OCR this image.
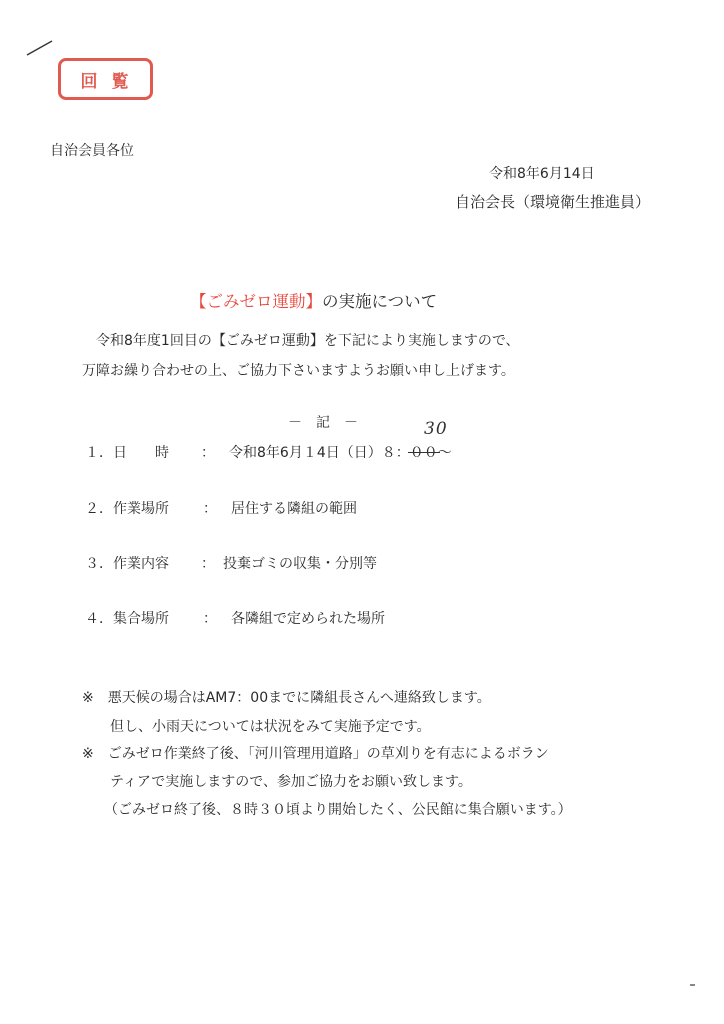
回覧
自治会員各位
令和8年6月14日
自治会長（環境衛生推進員）
【ごみゼロ運動】の実施について
令和8年度1回目の【ごみゼロ運動】を下記により実施しますので、
万障お繰り合わせの上、ご協力下さいますようお願い申し上げます。
－　記　－	30
１．日　　時 ： 令和8年6月１4日（日）８：００～
２．作業場所 ： 居住する隣組の範囲
３．作業内容 ： 投棄ゴミの収集・分別等
４．集合場所 ： 各隣組で定められた場所
※　悪天候の場合はAM7：00までに隣組長さんへ連絡致します。
但し、小雨天については状況をみて実施予定です。
※　ごみゼロ作業終了後、「河川管理用道路」の草刈りを有志によるボラン
ティアで実施しますので、参加ご協力をお願い致します。
（ごみゼロ終了後、８時３０頃より開始したく、公民館に集合願います。）
